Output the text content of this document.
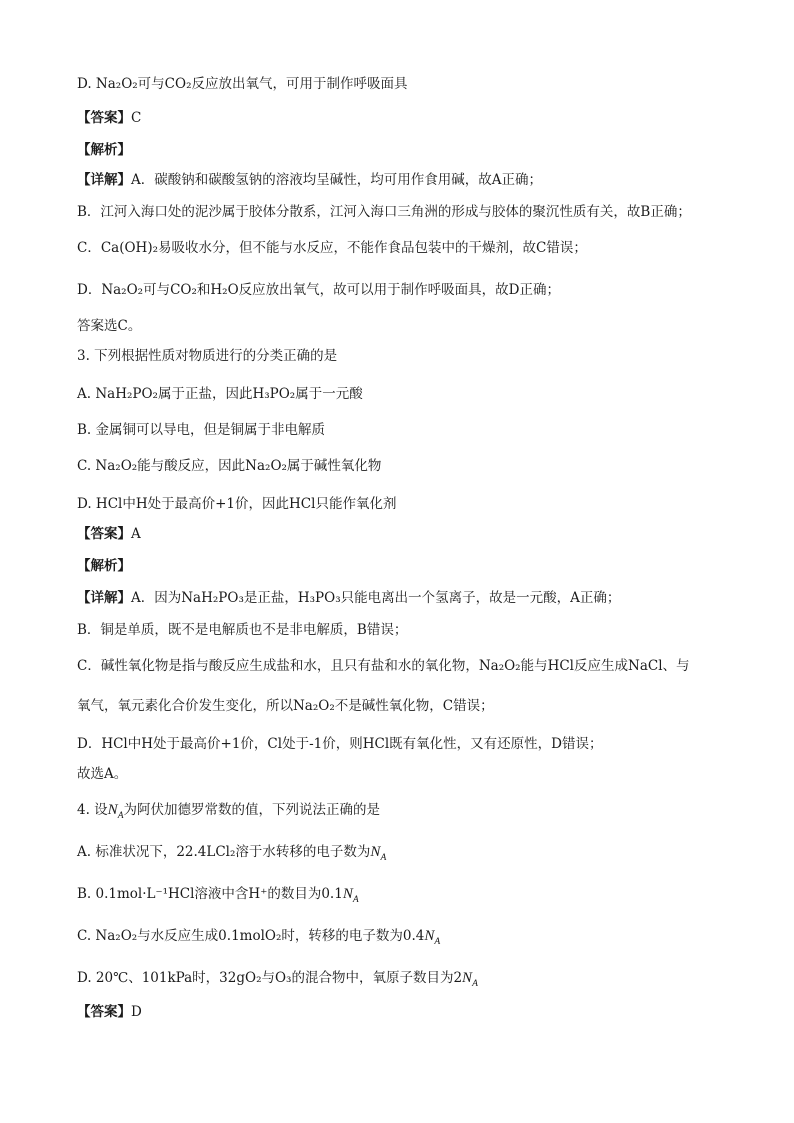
D. Na₂O₂可与CO₂反应放出氧气，可用于制作呼吸面具
【答案】C
【解析】
【详解】A．碳酸钠和碳酸氢钠的溶液均呈碱性，均可用作食用碱，故A正确；
B．江河入海口处的泥沙属于胶体分散系，江河入海口三角洲的形成与胶体的聚沉性质有关，故B正确；
C．Ca(OH)₂易吸收水分，但不能与水反应，不能作食品包装中的干燥剂，故C错误；
D．Na₂O₂可与CO₂和H₂O反应放出氧气，故可以用于制作呼吸面具，故D正确；
答案选C。
3. 下列根据性质对物质进行的分类正确的是
A. NaH₂PO₂属于正盐，因此H₃PO₂属于一元酸
B. 金属铜可以导电，但是铜属于非电解质
C. Na₂O₂能与酸反应，因此Na₂O₂属于碱性氧化物
D. HCl中H处于最高价+1价，因此HCl只能作氧化剂
【答案】A
【解析】
【详解】A．因为NaH₂PO₃是正盐，H₃PO₃只能电离出一个氢离子，故是一元酸，A正确；
B．铜是单质，既不是电解质也不是非电解质，B错误；
C．碱性氧化物是指与酸反应生成盐和水，且只有盐和水的氧化物，Na₂O₂能与HCl反应生成NaCl、与
氧气，氧元素化合价发生变化，所以Na₂O₂不是碱性氧化物，C错误；
D．HCl中H处于最高价+1价，Cl处于-1价，则HCl既有氧化性，又有还原性，D错误；
故选A。
4. 设$N_A$为阿伏加德罗常数的值，下列说法正确的是
A. 标准状况下，22.4LCl₂溶于水转移的电子数为$N_A$
B. 0.1mol·L⁻¹HCl溶液中含H⁺的数目为$0.1N_A$
C. Na₂O₂与水反应生成0.1molO₂时，转移的电子数为$0.4N_A$
D. 20℃、101kPa时，32gO₂与O₃的混合物中，氧原子数目为$2N_A$
【答案】D
